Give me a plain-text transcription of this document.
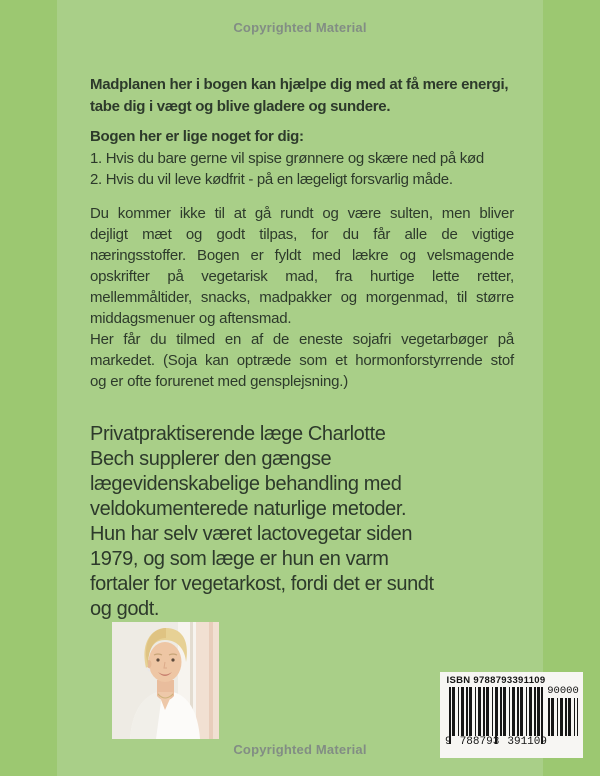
Copyrighted Material
Madplanen her i bogen kan hjælpe dig med at få mere energi,
tabe dig i vægt og blive gladere og sundere.
Bogen her er lige noget for dig:
1. Hvis du bare gerne vil spise grønnere og skære ned på kød
2. Hvis du vil leve kødfrit - på en lægeligt forsvarlig måde.
Du kommer ikke til at gå rundt og være sulten, men bliver
dejligt mæt og godt tilpas, for du får alle de vigtige
næringsstoffer. Bogen er fyldt med lækre og velsmagende
opskrifter på vegetarisk mad, fra hurtige lette retter,
mellemmåltider, snacks, madpakker og morgenmad, til større
middagsmenuer og aftensmad.
Her får du tilmed en af de eneste sojafri vegetarbøger på
markedet. (Soja kan optræde som et hormonforstyrrende stof
og er ofte forurenet med gensplejsning.)
Privatpraktiserende læge Charlotte
Bech supplerer den gængse
lægevidenskabelige behandling med
veldokumenterede naturlige metoder.
Hun har selv været lactovegetar siden
1979, og som læge er hun en varm
fortaler for vegetarkost, fordi det er sundt
og godt.
ISBN 9788793391109
9 788793 391109
90000
Copyrighted Material
